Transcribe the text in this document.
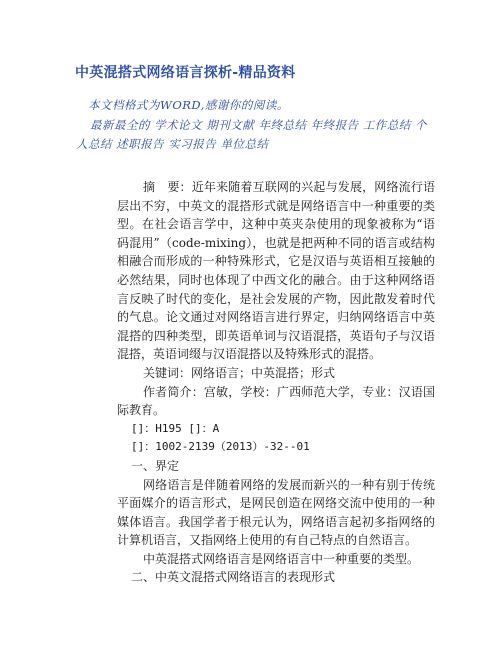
中英混搭式网络语言探析-精品资料

本文档格式为WORD,感谢你的阅读。

最新最全的 学术论文 期刊文献 年终总结 年终报告 工作总结 个人总结 述职报告 实习报告 单位总结

摘　要：近年来随着互联网的兴起与发展，网络流行语层出不穷，中英文的混搭形式就是网络语言中一种重要的类型。在社会语言学中，这种中英夹杂使用的现象被称为“语码混用”（code-mixing），也就是把两种不同的语言或结构相融合而形成的一种特殊形式，它是汉语与英语相互接触的必然结果，同时也体现了中西文化的融合。由于这种网络语言反映了时代的变化，是社会发展的产物，因此散发着时代的气息。论文通过对网络语言进行界定，归纳网络语言中英混搭的四种类型，即英语单词与汉语混搭，英语句子与汉语混搭，英语词缀与汉语混搭以及特殊形式的混搭。

关键词：网络语言；中英混搭；形式

作者简介：宫敏，学校：广西师范大学，专业：汉语国际教育。

[]：H195 []：A

[]：1002-2139（2013）-32--01

一、界定

网络语言是伴随着网络的发展而新兴的一种有别于传统平面媒介的语言形式，是网民创造在网络交流中使用的一种媒体语言。我国学者于根元认为，网络语言起初多指网络的计算机语言，又指网络上使用的有自己特点的自然语言。

中英混搭式网络语言是网络语言中一种重要的类型。

二、中英文混搭式网络语言的表现形式
